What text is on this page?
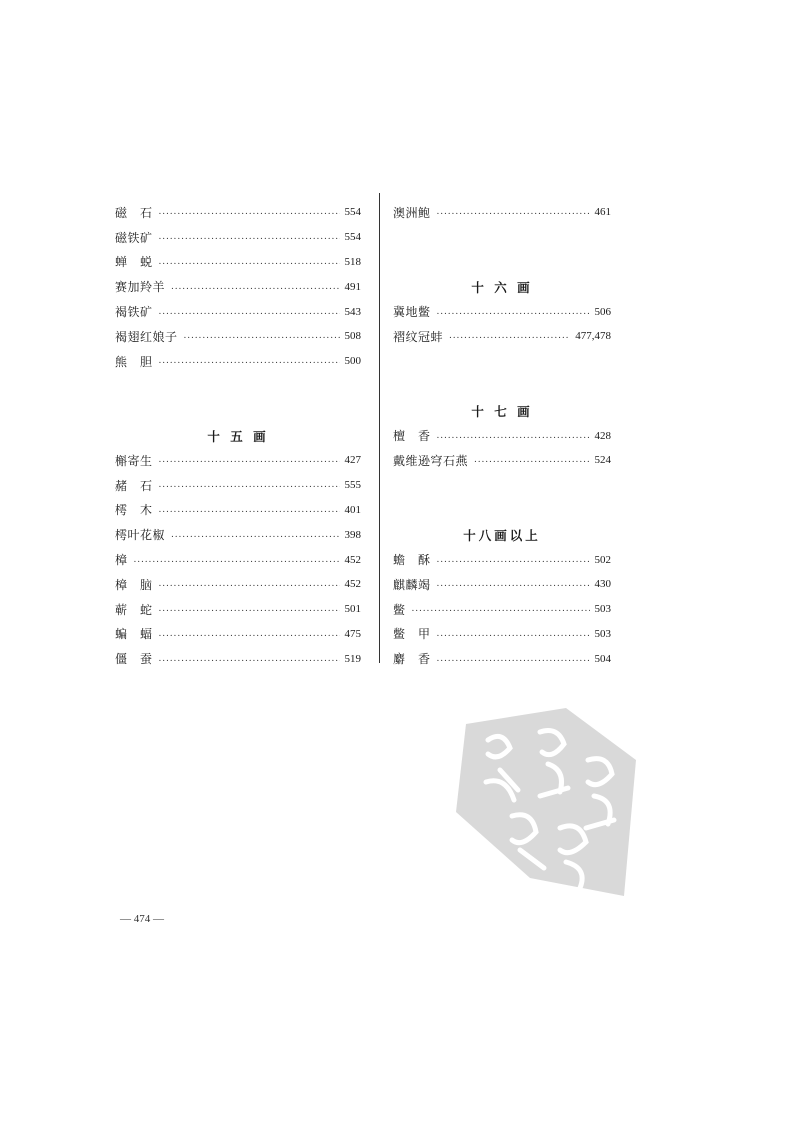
磁　石 .....	554
磁铁矿 .....	554
蝉　蜕 .....	518
赛加羚羊 .....	491
褐铁矿 .....	543
褐翅红娘子 .....	508
熊　胆 .....	500
十 五 画
槲寄生 .....	427
赭　石 .....	555
樗　木 .....	401
樗叶花椒 .....	398
樟 .....	452
樟　脑 .....	452
蕲　蛇 .....	501
蝙　蝠 .....	475
僵　蚕 .....	519
澳洲鲍 .....	461
十 六 画
冀地鳖 .....	506
褶纹冠蚌 .....	477,478
十 七 画
檀　香 .....	428
戴维逊穹石燕 .....	524
十八画以上
蟾　酥 .....	502
麒麟竭 .....	430
鳖 .....	503
鳖　甲 .....	503
麝　香 .....	504
— 474 —
